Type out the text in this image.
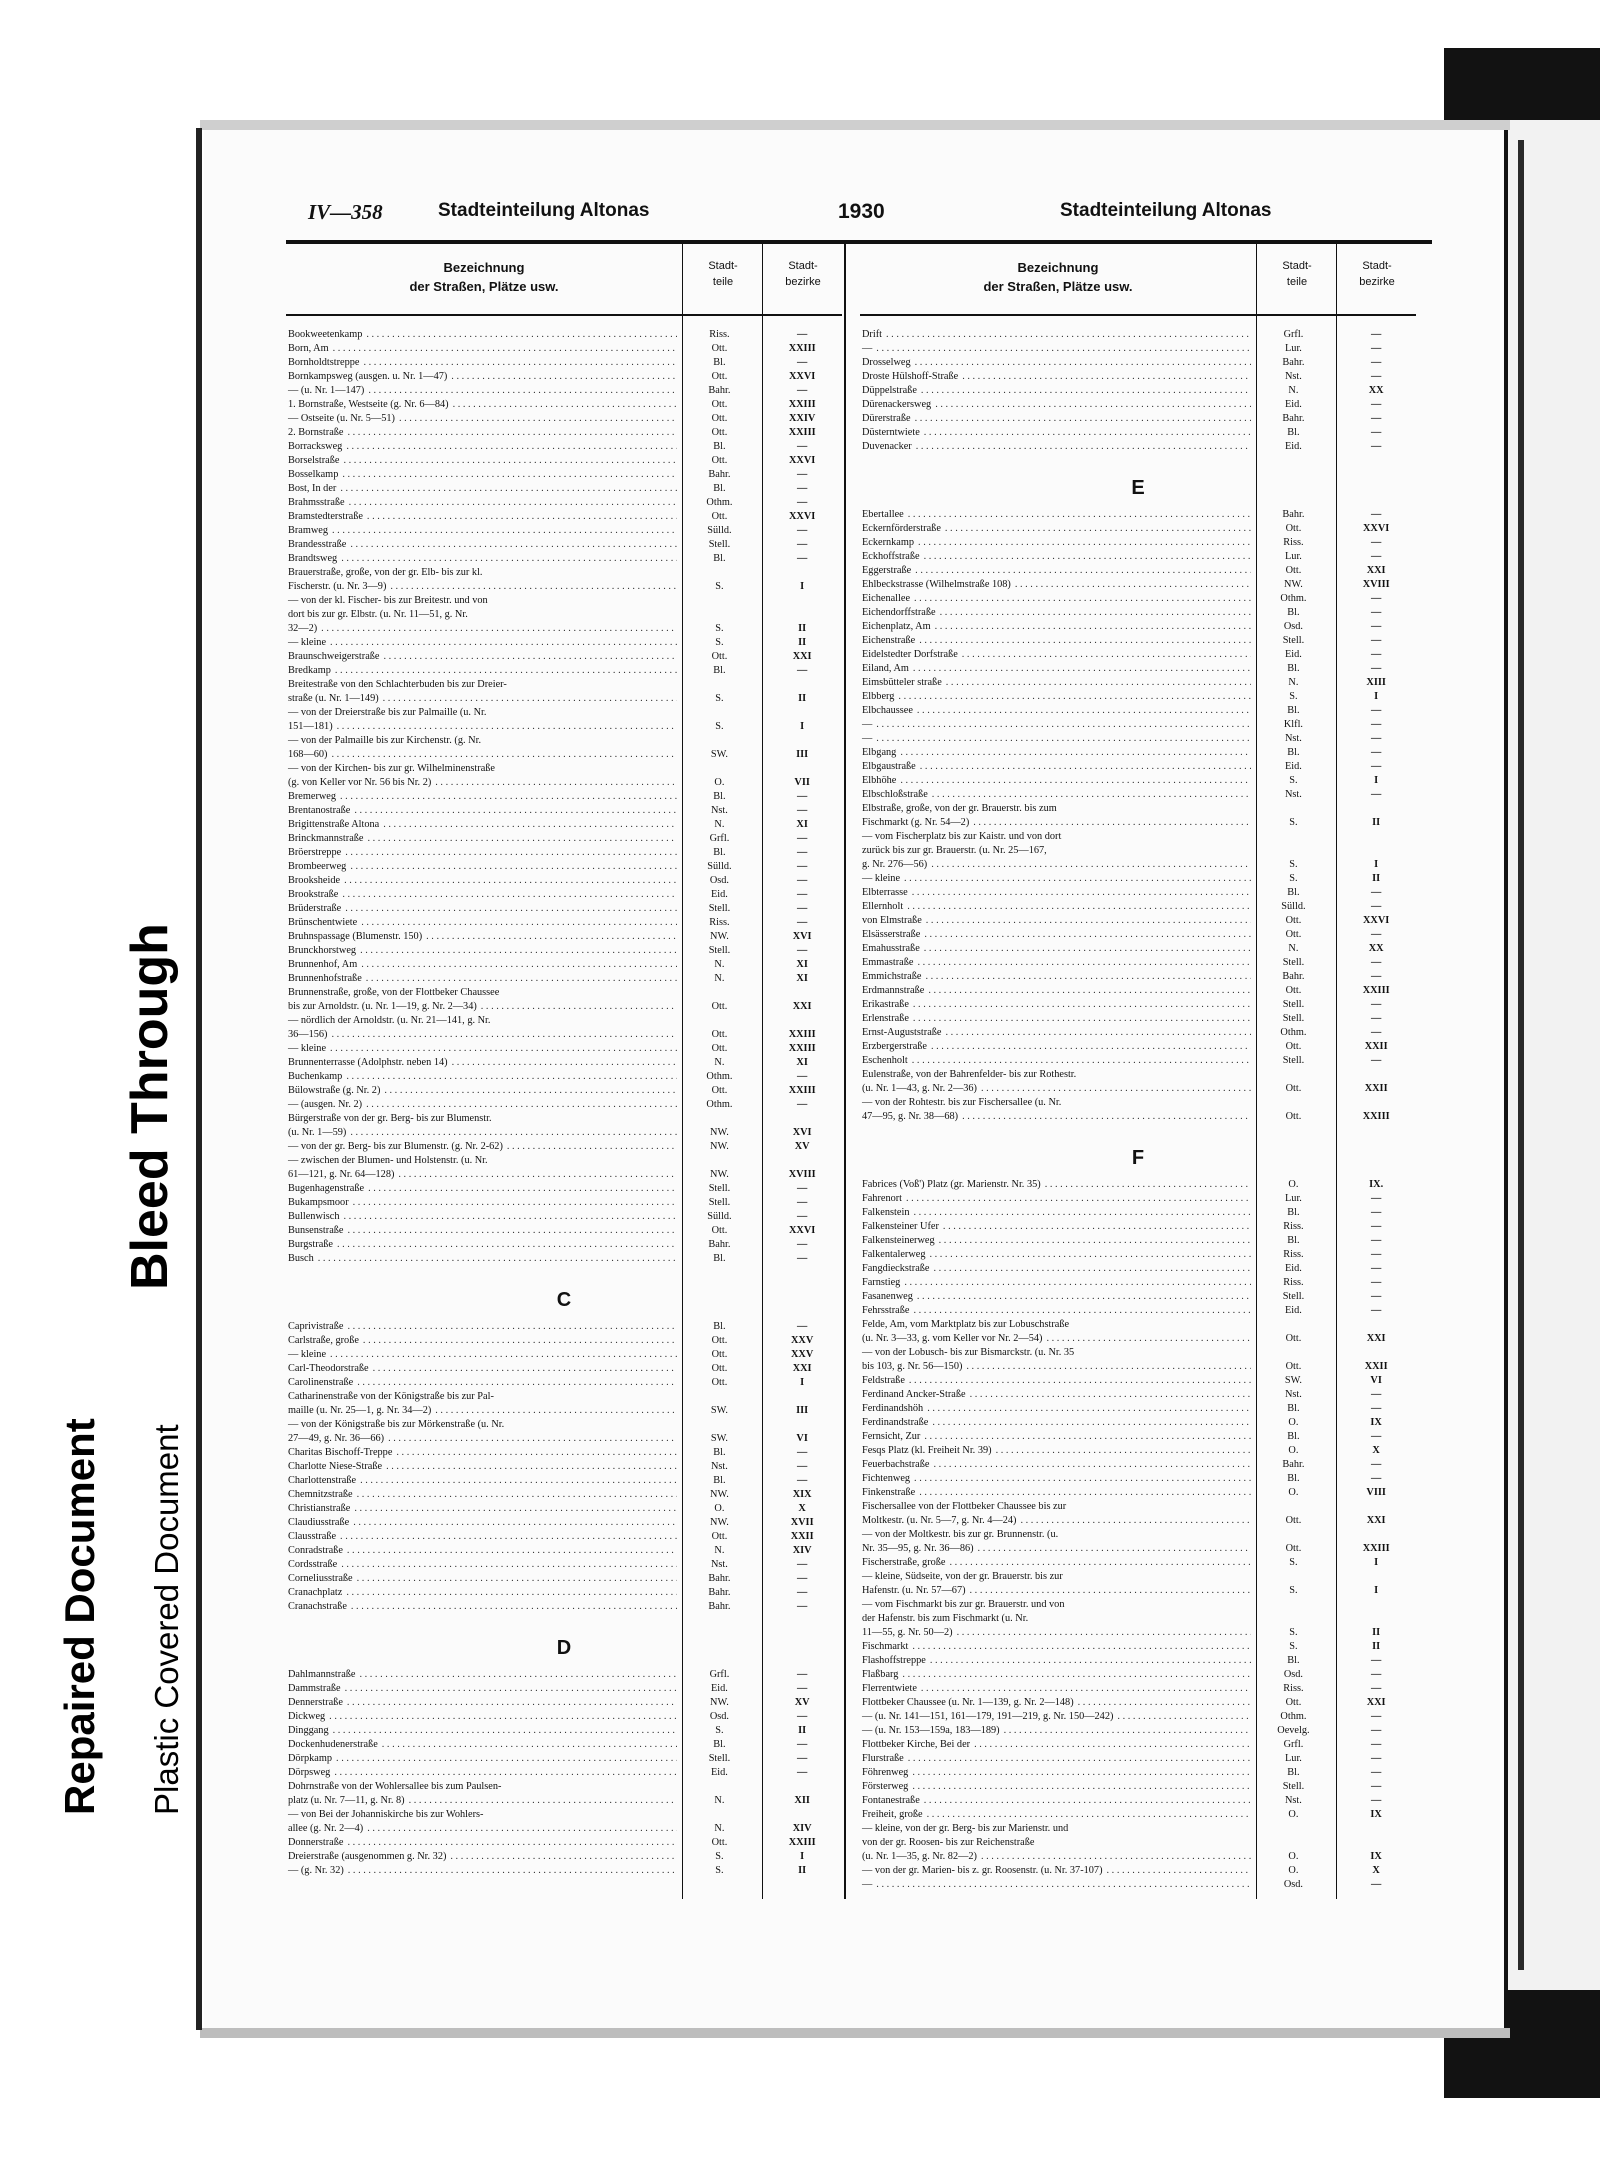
Bleed Through
Repaired Document Plastic Covered Document
IV—358	Stadteinteilung Altonas	1930	Stadteinteilung Altonas
Bezeichnung
der Straßen, Plätze usw.
Stadt-
teile
Stadt-
bezirke
Bookweetenkamp . . .	Riss.	—
Born, Am . . .	Ott.	XXIII
Bornholdtstreppe . . .	Bl.	—
Bornkampsweg (ausgen. u. Nr. 1—47) . . .	Ott.	XXVI
— (u. Nr. 1—147) . . .	Bahr.	—
1. Bornstraße, Westseite (g. Nr. 6—84) . . .	Ott.	XXIII
— Ostseite (u. Nr. 5—51) . . .	Ott.	XXIV
2. Bornstraße . . .	Ott.	XXIII
Borracksweg . . .	Bl.	—
Borselstraße . . .	Ott.	XXVI
Bosselkamp . . .	Bahr.	—
Bost, In der . . .	Bl.	—
Brahmsstraße . . .	Othm.	—
Bramstedterstraße . . .	Ott.	XXVI
Bramweg . . .	Sülld.	—
Brandesstraße . . .	Stell.	—
Brandtsweg . . .	Bl.	—
Brauerstraße, große, von der gr. Elb- bis zur kl.
Fischerstr. (u. Nr. 3—9) . . .	S.	I
— von der kl. Fischer- bis zur Breitestr. und von
dort bis zur gr. Elbstr. (u. Nr. 11—51, g. Nr.
32—2) . . .	S.	II
— kleine . . .	S.	II
Braunschweigerstraße . . .	Ott.	XXI
Bredkamp . . .	Bl.	—
Breitestraße von den Schlachterbuden bis zur Dreier-
straße (u. Nr. 1—149) . . .	S.	II
— von der Dreierstraße bis zur Palmaille (u. Nr.
151—181) . . .	S.	I
— von der Palmaille bis zur Kirchenstr. (g. Nr.
168—60) . . .	SW.	III
— von der Kirchen- bis zur gr. Wilhelminenstraße
(g. von Keller vor Nr. 56 bis Nr. 2) . . .	O.	VII
Bremerweg . . .	Bl.	—
Brentanostraße . . .	Nst.	—
Brigittenstraße Altona . . .	N.	XI
Brinckmannstraße . . .	Grfl.	—
Bröerstreppe . . .	Bl.	—
Brombeerweg . . .	Sülld.	—
Brooksheide . . .	Osd.	—
Brookstraße . . .	Eid.	—
Brüderstraße . . .	Stell.	—
Brünschentwiete . . .	Riss.	—
Bruhnspassage (Blumenstr. 150) . . .	NW.	XVI
Brunckhorstweg . . .	Stell.	—
Brunnenhof, Am . . .	N.	XI
Brunnenhofstraße . . .	N.	XI
Brunnenstraße, große, von der Flottbeker Chaussee
bis zur Arnoldstr. (u. Nr. 1—19, g. Nr. 2—34) . . .	Ott.	XXI
— nördlich der Arnoldstr. (u. Nr. 21—141, g. Nr.
36—156) . . .	Ott.	XXIII
— kleine . . .	Ott.	XXIII
Brunnenterrasse (Adolphstr. neben 14) . . .	N.	XI
Buchenkamp . . .	Othm.	—
Bülowstraße (g. Nr. 2) . . .	Ott.	XXIII
— (ausgen. Nr. 2) . . .	Othm.	—
Bürgerstraße von der gr. Berg- bis zur Blumenstr.
(u. Nr. 1—59) . . .	NW.	XVI
— von der gr. Berg- bis zur Blumenstr. (g. Nr. 2-62) . . .	NW.	XV
— zwischen der Blumen- und Holstenstr. (u. Nr.
61—121, g. Nr. 64—128) . . .	NW.	XVIII
Bugenhagenstraße . . .	Stell.	—
Bukampsmoor . . .	Stell.	—
Bullenwisch . . .	Sülld.	—
Bunsenstraße . . .	Ott.	XXVI
Burgstraße . . .	Bahr.	—
Busch . . .	Bl.	—
C
Caprivistraße . . .	Bl.	—
Carlstraße, große . . .	Ott.	XXV
— kleine . . .	Ott.	XXV
Carl-Theodorstraße . . .	Ott.	XXI
Carolinenstraße . . .	Ott.	I
Catharinenstraße von der Königstraße bis zur Pal-
maille (u. Nr. 25—1, g. Nr. 34—2) . . .	SW.	III
— von der Königstraße bis zur Mörkenstraße (u. Nr.
27—49, g. Nr. 36—66) . . .	SW.	VI
Charitas Bischoff-Treppe . . .	Bl.	—
Charlotte Niese-Straße . . .	Nst.	—
Charlottenstraße . . .	Bl.	—
Chemnitzstraße . . .	NW.	XIX
Christianstraße . . .	O.	X
Claudiusstraße . . .	NW.	XVII
Clausstraße . . .	Ott.	XXII
Conradstraße . . .	N.	XIV
Cordsstraße . . .	Nst.	—
Corneliusstraße . . .	Bahr.	—
Cranachplatz . . .	Bahr.	—
Cranachstraße . . .	Bahr.	—
D
Dahlmannstraße . . .	Grfl.	—
Dammstraße . . .	Eid.	—
Dennerstraße . . .	NW.	XV
Dickweg . . .	Osd.	—
Dinggang . . .	S.	II
Dockenhudenerstraße . . .	Bl.	—
Dörpkamp . . .	Stell.	—
Dörpsweg . . .	Eid.	—
Dohrnstraße von der Wohlersallee bis zum Paulsen-
platz (u. Nr. 7—11, g. Nr. 8) . . .	N.	XII
— von Bei der Johanniskirche bis zur Wohlers-
allee (g. Nr. 2—4) . . .	N.	XIV
Donnerstraße . . .	Ott.	XXIII
Dreierstraße (ausgenommen g. Nr. 32) . . .	S.	I
— (g. Nr. 32) . . .	S.	II
Bezeichnung
der Straßen, Plätze usw.
Stadt-
teile
Stadt-
bezirke
Drift . . .	Grfl.	—
— . . .	Lur.	—
Drosselweg . . .	Bahr.	—
Droste Hülshoff-Straße . . .	Nst.	—
Düppelstraße . . .	N.	XX
Dürenackersweg . . .	Eid.	—
Dürerstraße . . .	Bahr.	—
Düsterntwiete . . .	Bl.	—
Duvenacker . . .	Eid.	—
E
Ebertallee . . .	Bahr.	—
Eckernförderstraße . . .	Ott.	XXVI
Eckernkamp . . .	Riss.	—
Eckhoffstraße . . .	Lur.	—
Eggerstraße . . .	Ott.	XXI
Ehlbeckstrasse (Wilhelmstraße 108) . . .	NW.	XVIII
Eichenallee . . .	Othm.	—
Eichendorffstraße . . .	Bl.	—
Eichenplatz, Am . . .	Osd.	—
Eichenstraße . . .	Stell.	—
Eidelstedter Dorfstraße . . .	Eid.	—
Eiland, Am . . .	Bl.	—
Eimsbütteler straße . . .	N.	XIII
Elbberg . . .	S.	I
Elbchaussee . . .	Bl.	—
— . . .	Klfl.	—
— . . .	Nst.	—
Elbgang . . .	Bl.	—
Elbgaustraße . . .	Eid.	—
Elbhöhe . . .	S.	I
Elbschloßstraße . . .	Nst.	—
Elbstraße, große, von der gr. Brauerstr. bis zum
Fischmarkt (g. Nr. 54—2) . . .	S.	II
— vom Fischerplatz bis zur Kaistr. und von dort
zurück bis zur gr. Brauerstr. (u. Nr. 25—167,
g. Nr. 276—56) . . .	S.	I
— kleine . . .	S.	II
Elbterrasse . . .	Bl.	—
Ellernholt . . .	Sülld.	—
von Elmstraße . . .	Ott.	XXVI
Elsässerstraße . . .	Ott.	—
Emahusstraße . . .	N.	XX
Emmastraße . . .	Stell.	—
Emmichstraße . . .	Bahr.	—
Erdmannstraße . . .	Ott.	XXIII
Erikastraße . . .	Stell.	—
Erlenstraße . . .	Stell.	—
Ernst-Auguststraße . . .	Othm.	—
Erzbergerstraße . . .	Ott.	XXII
Eschenholt . . .	Stell.	—
Eulenstraße, von der Bahrenfelder- bis zur Rothestr.
(u. Nr. 1—43, g. Nr. 2—36) . . .	Ott.	XXII
— von der Rohtestr. bis zur Fischersallee (u. Nr.
47—95, g. Nr. 38—68) . . .	Ott.	XXIII
F
Fabrices (Voß') Platz (gr. Marienstr. Nr. 35) . . .	O.	IX.
Fahrenort . . .	Lur.	—
Falkenstein . . .	Bl.	—
Falkensteiner Ufer . . .	Riss.	—
Falkensteinerweg . . .	Bl.	—
Falkentalerweg . . .	Riss.	—
Fangdieckstraße . . .	Eid.	—
Farnstieg . . .	Riss.	—
Fasanenweg . . .	Stell.	—
Fehrsstraße . . .	Eid.	—
Felde, Am, vom Marktplatz bis zur Lobuschstraße
(u. Nr. 3—33, g. vom Keller vor Nr. 2—54) . . .	Ott.	XXI
— von der Lobusch- bis zur Bismarckstr. (u. Nr. 35
bis 103, g. Nr. 56—150) . . .	Ott.	XXII
Feldstraße . . .	SW.	VI
Ferdinand Ancker-Straße . . .	Nst.	—
Ferdinandshöh . . .	Bl.	—
Ferdinandstraße . . .	O.	IX
Fernsicht, Zur . . .	Bl.	—
Fesqs Platz (kl. Freiheit Nr. 39) . . .	O.	X
Feuerbachstraße . . .	Bahr.	—
Fichtenweg . . .	Bl.	—
Finkenstraße . . .	O.	VIII
Fischersallee von der Flottbeker Chaussee bis zur
Moltkestr. (u. Nr. 5—7, g. Nr. 4—24) . . .	Ott.	XXI
— von der Moltkestr. bis zur gr. Brunnenstr. (u.
Nr. 35—95, g. Nr. 36—86) . . .	Ott.	XXIII
Fischerstraße, große . . .	S.	I
— kleine, Südseite, von der gr. Brauerstr. bis zur
Hafenstr. (u. Nr. 57—67) . . .	S.	I
— vom Fischmarkt bis zur gr. Brauerstr. und von
der Hafenstr. bis zum Fischmarkt (u. Nr.
11—55, g. Nr. 50—2) . . .	S.	II
Fischmarkt . . .	S.	II
Flashoffstreppe . . .	Bl.	—
Flaßbarg . . .	Osd.	—
Flerrentwiete . . .	Riss.	—
Flottbeker Chaussee (u. Nr. 1—139, g. Nr. 2—148) . . .	Ott.	XXI
— (u. Nr. 141—151, 161—179, 191—219, g. Nr. 150—242) . . .	Othm.	—
— (u. Nr. 153—159a, 183—189) . . .	Oevelg.	—
Flottbeker Kirche, Bei der . . .	Grfl.	—
Flurstraße . . .	Lur.	—
Föhrenweg . . .	Bl.	—
Försterweg . . .	Stell.	—
Fontanestraße . . .	Nst.	—
Freiheit, große . . .	O.	IX
— kleine, von der gr. Berg- bis zur Marienstr. und
von der gr. Roosen- bis zur Reichenstraße
(u. Nr. 1—35, g. Nr. 82—2) . . .	O.	IX
— von der gr. Marien- bis z. gr. Roosenstr. (u. Nr. 37-107) . . .	O.	X
— . . .	Osd.	—
